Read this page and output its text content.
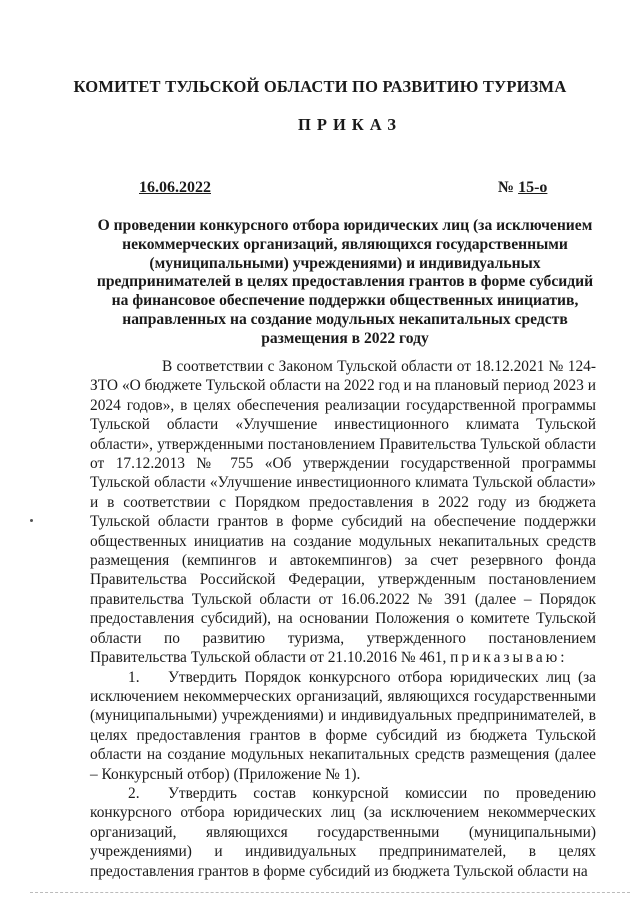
КОМИТЕТ ТУЛЬСКОЙ ОБЛАСТИ ПО РАЗВИТИЮ ТУРИЗМА
ПРИКАЗ
16.06.2022	№ 15-о
О проведении конкурсного отбора юридических лиц (за исключением некоммерческих организаций, являющихся государственными (муниципальными) учреждениями) и индивидуальных предпринимателей в целях предоставления грантов в форме субсидий на финансовое обеспечение поддержки общественных инициатив, направленных на создание модульных некапитальных средств размещения в 2022 году

В соответствии с Законом Тульской области от 18.12.2021 № 124-ЗТО «О бюджете Тульской области на 2022 год и на плановый период 2023 и 2024 годов», в целях обеспечения реализации государственной программы Тульской области «Улучшение инвестиционного климата Тульской области», утвержденными постановлением Правительства Тульской области от 17.12.2013 № 755 «Об утверждении государственной программы Тульской области «Улучшение инвестиционного климата Тульской области» и в соответствии с Порядком предоставления в 2022 году из бюджета Тульской области грантов в форме субсидий на обеспечение поддержки общественных инициатив на создание модульных некапитальных средств размещения (кемпингов и автокемпингов) за счет резервного фонда Правительства Российской Федерации, утвержденным постановлением правительства Тульской области от 16.06.2022 № 391 (далее – Порядок предоставления субсидий), на основании Положения о комитете Тульской области по развитию туризма, утвержденного постановлением Правительства Тульской области от 21.10.2016 № 461, приказываю:

1. Утвердить Порядок конкурсного отбора юридических лиц (за исключением некоммерческих организаций, являющихся государственными (муниципальными) учреждениями) и индивидуальных предпринимателей, в целях предоставления грантов в форме субсидий из бюджета Тульской области на создание модульных некапитальных средств размещения (далее – Конкурсный отбор) (Приложение № 1).

2. Утвердить состав конкурсной комиссии по проведению конкурсного отбора юридических лиц (за исключением некоммерческих организаций, являющихся государственными (муниципальными) учреждениями) и индивидуальных предпринимателей, в целях предоставления грантов в форме субсидий из бюджета Тульской области на
